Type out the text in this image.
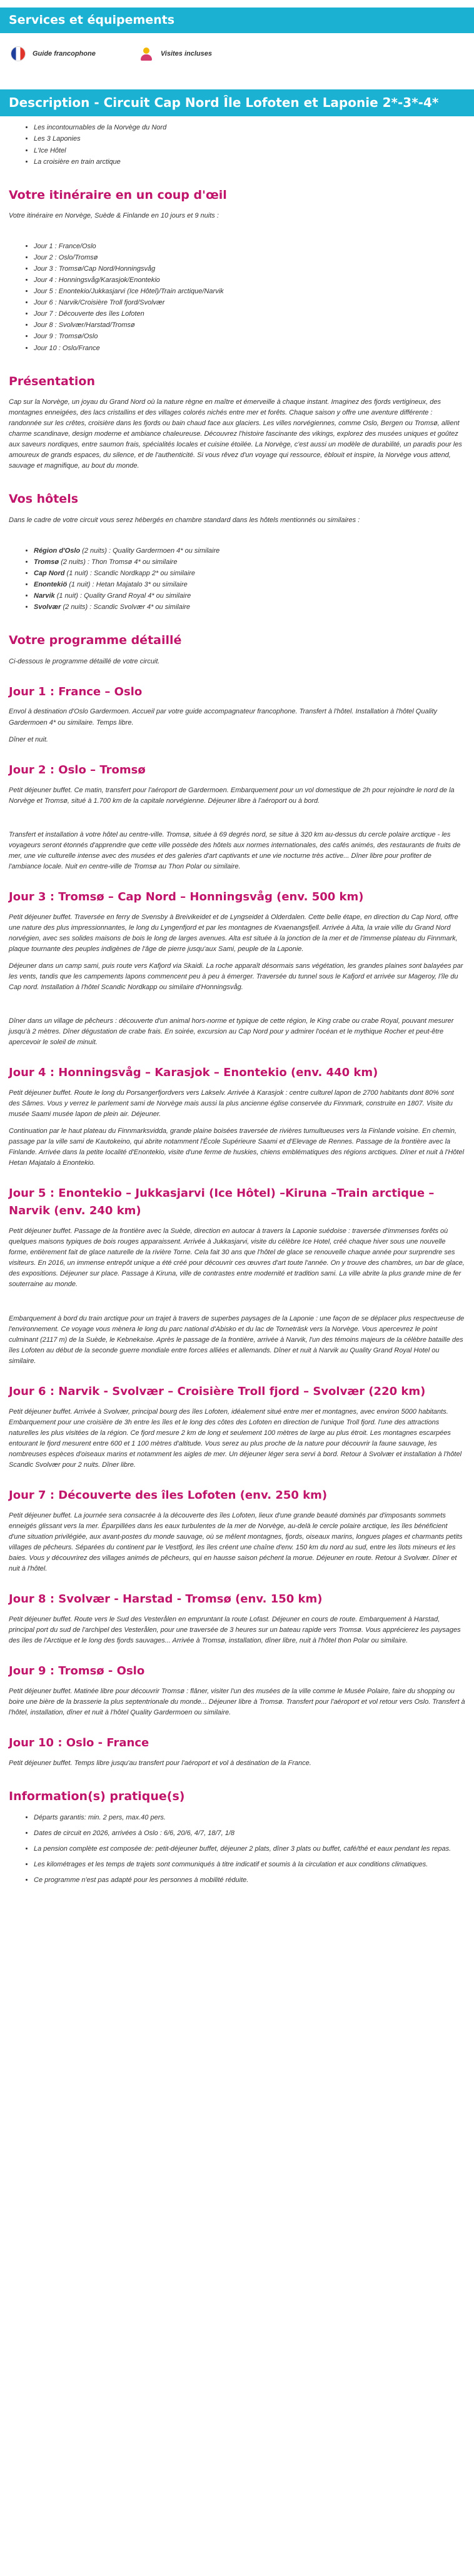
Services et équipements
Guide francophone	Visites incluses
Description - Circuit Cap Nord Île Lofoten et Laponie 2*-3*-4*
• Les incontournables de la Norvège du Nord
• Les 3 Laponies
• L'Ice Hôtel
• La croisière en train arctique
Votre itinéraire en un coup d'œil

Votre itinéraire en Norvège, Suède & Finlande en 10 jours et 9 nuits :

• Jour 1 : France/Oslo
• Jour 2 : Oslo/Tromsø
• Jour 3 : Tromsø/Cap Nord/Honningsvåg
• Jour 4 : Honningsvåg/Karasjok/Enontekio
• Jour 5 : Enontekio/Jukkasjarvi (Ice Hôtel)/Train arctique/Narvik
• Jour 6 : Narvik/Croisière Troll fjord/Svolvær
• Jour 7 : Découverte des îles Lofoten
• Jour 8 : Svolvær/Harstad/Tromsø
• Jour 9 : Tromsø/Oslo
• Jour 10 : Oslo/France
Présentation

Cap sur la Norvège, un joyau du Grand Nord où la nature règne en maître et émerveille à chaque instant. Imaginez des fjords vertigineux, des montagnes enneigées, des lacs cristallins et des villages colorés nichés entre mer et forêts. Chaque saison y offre une aventure différente : randonnée sur les crêtes, croisière dans les fjords ou bain chaud face aux glaciers. Les villes norvégiennes, comme Oslo, Bergen ou Tromsø, allient charme scandinave, design moderne et ambiance chaleureuse. Découvrez l'histoire fascinante des vikings, explorez des musées uniques et goûtez aux saveurs nordiques, entre saumon frais, spécialités locales et cuisine étoilée. La Norvège, c'est aussi un modèle de durabilité, un paradis pour les amoureux de grands espaces, du silence, et de l'authenticité. Si vous rêvez d'un voyage qui ressource, éblouit et inspire, la Norvège vous attend, sauvage et magnifique, au bout du monde.

Vos hôtels

Dans le cadre de votre circuit vous serez hébergés en chambre standard dans les hôtels mentionnés ou similaires :

• Région d'Oslo (2 nuits) : Quality Gardermoen 4* ou similaire
• Tromsø (2 nuits) : Thon Tromsø 4* ou similaire
• Cap Nord (1 nuit) : Scandic Nordkapp 2* ou similaire
• Enontekiö (1 nuit) : Hetan Majatalo 3* ou similaire
• Narvik (1 nuit) : Quality Grand Royal 4* ou similaire
• Svolvær (2 nuits) : Scandic Svolvær 4* ou similaire
Votre programme détaillé

Ci-dessous le programme détaillé de votre circuit.

Jour 1 : France – Oslo

Envol à destination d'Oslo Gardermoen. Accueil par votre guide accompagnateur francophone. Transfert à l'hôtel. Installation à l'hôtel Quality Gardermoen 4* ou similaire. Temps libre.

Dîner et nuit.

Jour 2 : Oslo – Tromsø

Petit déjeuner buffet. Ce matin, transfert pour l'aéroport de Gardermoen. Embarquement pour un vol domestique de 2h pour rejoindre le nord de la Norvège et Tromsø, situé à 1.700 km de la capitale norvégienne. Déjeuner libre à l'aéroport ou à bord.

Transfert et installation à votre hôtel au centre-ville. Tromsø, située à 69 degrés nord, se situe à 320 km au-dessus du cercle polaire arctique - les voyageurs seront étonnés d'apprendre que cette ville possède des hôtels aux normes internationales, des cafés animés, des restaurants de fruits de mer, une vie culturelle intense avec des musées et des galeries d'art captivants et une vie nocturne très active... Dîner libre pour profiter de l'ambiance locale. Nuit en centre-ville de Tromsø au Thon Polar ou similaire.

Jour 3 : Tromsø – Cap Nord – Honningsvåg (env. 500 km)

Petit déjeuner buffet. Traversée en ferry de Svensby à Breivikeidet et de Lyngseidet à Olderdalen. Cette belle étape, en direction du Cap Nord, offre une nature des plus impressionnantes, le long du Lyngenfjord et par les montagnes de Kvaenangsfjell. Arrivée à Alta, la vraie ville du Grand Nord norvégien, avec ses solides maisons de bois le long de larges avenues. Alta est située à la jonction de la mer et de l'immense plateau du Finnmark, plaque tournante des peuples indigènes de l'âge de pierre jusqu'aux Sami, peuple de la Laponie.

Déjeuner dans un camp sami, puis route vers Kafjord via Skaidi. La roche apparaît désormais sans végétation, les grandes plaines sont balayées par les vents, tandis que les campements lapons commencent peu à peu à émerger. Traversée du tunnel sous le Kafjord et arrivée sur Mageroy, l'île du Cap nord. Installation à l'hôtel Scandic Nordkapp ou similaire d'Honningsvåg.

Dîner dans un village de pêcheurs : découverte d'un animal hors-norme et typique de cette région, le King crabe ou crabe Royal, pouvant mesurer jusqu'à 2 mètres. Dîner dégustation de crabe frais. En soirée, excursion au Cap Nord pour y admirer l'océan et le mythique Rocher et peut-être apercevoir le soleil de minuit.

Jour 4 : Honningsvåg – Karasjok – Enontekio (env. 440 km)

Petit déjeuner buffet. Route le long du Porsangerfjordvers vers Lakselv. Arrivée à Karasjok : centre culturel lapon de 2700 habitants dont 80% sont des Sâmes. Vous y verrez le parlement sami de Norvège mais aussi la plus ancienne église conservée du Finnmark, construite en 1807. Visite du musée Saami musée lapon de plein air. Déjeuner.

Continuation par le haut plateau du Finnmarksvidda, grande plaine boisées traversée de rivières tumultueuses vers la Finlande voisine. En chemin, passage par la ville sami de Kautokeino, qui abrite notamment l'École Supérieure Saami et d'Elevage de Rennes. Passage de la frontière avec la Finlande. Arrivée dans la petite localité d'Enontekio, visite d'une ferme de huskies, chiens emblématiques des régions arctiques. Dîner et nuit à l'Hôtel Hetan Majatalo à Enontekio.

Jour 5 : Enontekio – Jukkasjarvi (Ice Hôtel) –Kiruna –Train arctique – Narvik (env. 240 km)

Petit déjeuner buffet. Passage de la frontière avec la Suède, direction en autocar à travers la Laponie suédoise : traversée d'immenses forêts où quelques maisons typiques de bois rouges apparaissent. Arrivée à Jukkasjarvi, visite du célèbre Ice Hotel, créé chaque hiver sous une nouvelle forme, entièrement fait de glace naturelle de la rivière Torne. Cela fait 30 ans que l'hôtel de glace se renouvelle chaque année pour surprendre ses visiteurs. En 2016, un immense entrepôt unique a été créé pour découvrir ces œuvres d'art toute l'année. On y trouve des chambres, un bar de glace, des expositions. Déjeuner sur place. Passage à Kiruna, ville de contrastes entre modernité et tradition sami. La ville abrite la plus grande mine de fer souterraine au monde.

Embarquement à bord du train arctique pour un trajet à travers de superbes paysages de la Laponie : une façon de se déplacer plus respectueuse de l'environnement. Ce voyage vous mènera le long du parc national d'Abisko et du lac de Torneträsk vers la Norvège. Vous apercevrez le point culminant (2117 m) de la Suède, le Kebnekaise. Après le passage de la frontière, arrivée à Narvik, l'un des témoins majeurs de la célèbre bataille des îles Lofoten au début de la seconde guerre mondiale entre forces alliées et allemands. Dîner et nuit à Narvik au Quality Grand Royal Hotel ou similaire.

Jour 6 : Narvik - Svolvær – Croisière Troll fjord – Svolvær (220 km)

Petit déjeuner buffet. Arrivée à Svolvær, principal bourg des îles Lofoten, idéalement situé entre mer et montagnes, avec environ 5000 habitants. Embarquement pour une croisière de 3h entre les îles et le long des côtes des Lofoten en direction de l'unique Troll fjord. l'une des attractions naturelles les plus visitées de la région. Ce fjord mesure 2 km de long et seulement 100 mètres de large au plus étroit. Les montagnes escarpées entourant le fjord mesurent entre 600 et 1 100 mètres d'altitude. Vous serez au plus proche de la nature pour découvrir la faune sauvage, les nombreuses espèces d'oiseaux marins et notamment les aigles de mer. Un déjeuner léger sera servi à bord. Retour à Svolvær et installation à l'hôtel Scandic Svolvær pour 2 nuits. Dîner libre.

Jour 7 : Découverte des îles Lofoten (env. 250 km)

Petit déjeuner buffet. La journée sera consacrée à la découverte des îles Lofoten, lieux d'une grande beauté dominés par d'imposants sommets enneigés glissant vers la mer. Éparpillées dans les eaux turbulentes de la mer de Norvège, au-delà le cercle polaire arctique, les îles bénéficient d'une situation privilégiée, aux avant-postes du monde sauvage, où se mêlent montagnes, fjords, oiseaux marins, longues plages et charmants petits villages de pêcheurs. Séparées du continent par le Vestfjord, les îles créent une chaîne d'env. 150 km du nord au sud, entre les îlots mineurs et les baies. Vous y découvrirez des villages animés de pêcheurs, qui en hausse saison péchent la morue. Déjeuner en route. Retour à Svolvær. Dîner et nuit à l'hôtel.

Jour 8 : Svolvær - Harstad - Tromsø (env. 150 km)

Petit déjeuner buffet. Route vers le Sud des Vesterålen en empruntant la route Lofast. Déjeuner en cours de route. Embarquement à Harstad, principal port du sud de l'archipel des Vesterålen, pour une traversée de 3 heures sur un bateau rapide vers Tromsø. Vous apprécierez les paysages des îles de l'Arctique et le long des fjords sauvages... Arrivée à Tromsø, installation, dîner libre, nuit à l'hôtel thon Polar ou similaire.

Jour 9 : Tromsø - Oslo

Petit déjeuner buffet. Matinée libre pour découvrir Tromsø : flâner, visiter l'un des musées de la ville comme le Musée Polaire, faire du shopping ou boire une bière de la brasserie la plus septentrionale du monde... Déjeuner libre à Tromsø. Transfert pour l'aéroport et vol retour vers Oslo. Transfert à l'hôtel, installation, dîner et nuit à l'hôtel Quality Gardermoen ou similaire.

Jour 10 : Oslo - France

Petit déjeuner buffet. Temps libre jusqu'au transfert pour l'aéroport et vol à destination de la France.

Information(s) pratique(s)
• Départs garantis: min. 2 pers, max.40 pers.
• Dates de circuit en 2026, arrivées à Oslo : 6/6, 20/6, 4/7, 18/7, 1/8
• La pension complète est composée de: petit-déjeuner buffet, déjeuner 2 plats, dîner 3 plats ou buffet, café/thé et eaux pendant les repas.
• Les kilométrages et les temps de trajets sont communiqués à titre indicatif et soumis à la circulation et aux conditions climatiques.
• Ce programme n'est pas adapté pour les personnes à mobilité réduite.
